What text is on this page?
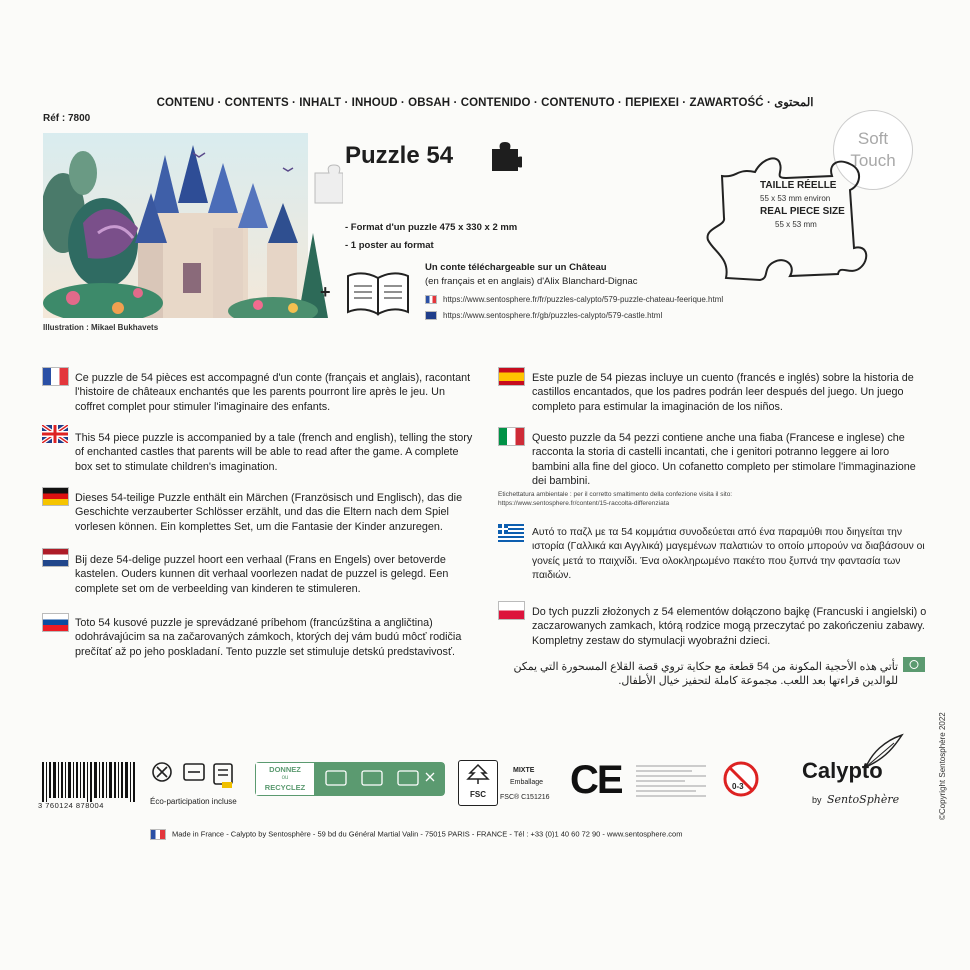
CONTENU · CONTENTS · INHALT · INHOUD · OBSAH · CONTENIDO · CONTENUTO · ΠΕΡΙΕΧΕΙ · ZAWARTOŚĆ · المحتوى
Réf : 7800
Illustration : Mikael Bukhavets
Puzzle 54
- Format d'un puzzle 475 x 330 x 2 mm
- 1 poster au format
+
Un conte téléchargeable sur un Château
(en français et en anglais) d'Alix Blanchard-Dignac
https://www.sentosphere.fr/fr/puzzles-calypto/579-puzzle-chateau-feerique.html
https://www.sentosphere.fr/gb/puzzles-calypto/579-castle.html
Soft
Touch
TAILLE RÉELLE
55 x 53 mm environ
REAL PIECE SIZE
55 x 53 mm
Ce puzzle de 54 pièces est accompagné d'un conte (français et anglais), racontant l'histoire de châteaux enchantés que les parents pourront lire après le jeu. Un coffret complet pour stimuler l'imaginaire des enfants.
This 54 piece puzzle is accompanied by a tale (french and english), telling the story of enchanted castles that parents will be able to read after the game. A complete box set to stimulate children's imagination.
Dieses 54-teilige Puzzle enthält ein Märchen (Französisch und Englisch), das die Geschichte verzauberter Schlösser erzählt, und das die Eltern nach dem Spiel vorlesen können. Ein komplettes Set, um die Fantasie der Kinder anzuregen.
Bij deze 54-delige puzzel hoort een verhaal (Frans en Engels) over betoverde kastelen. Ouders kunnen dit verhaal voorlezen nadat de puzzel is gelegd. Een complete set om de verbeelding van kinderen te stimuleren.
Toto 54 kusové puzzle je sprevádzané príbehom (francúzština a angličtina) odohrávajúcim sa na začarovaných zámkoch, ktorých dej vám budú môcť rodičia prečítať až po jeho poskladaní. Tento puzzle set stimuluje detskú predstavivosť.
Este puzle de 54 piezas incluye un cuento (francés e inglés) sobre la historia de castillos encantados, que los padres podrán leer después del juego. Un juego completo para estimular la imaginación de los niños.
Questo puzzle da 54 pezzi contiene anche una fiaba (Francese e inglese) che racconta la storia di castelli incantati, che i genitori potranno leggere ai loro bambini alla fine del gioco. Un cofanetto completo per stimolare l'immaginazione dei bambini.
Etichettatura ambientale : per il corretto smaltimento della confezione visita il sito:
https://www.sentosphere.fr/content/15-raccolta-differenziata
Αυτό το παζλ με τα 54 κομμάτια συνοδεύεται από ένα παραμύθι που διηγείται την ιστορία (Γαλλικά και Αγγλικά) μαγεμένων παλατιών το οποίο μπορούν να διαβάσουν οι γονείς μετά το παιχνίδι. Ένα ολοκληρωμένο πακέτο που ξυπνά την φαντασία των παιδιών.
Do tych puzzli złożonych z 54 elementów dołączono bajkę (Francuski i angielski) o zaczarowanych zamkach, którą rodzice mogą przeczytać po zakończeniu zabawy. Kompletny zestaw do stymulacji wyobraźni dzieci.
تأتي هذه الأحجية المكونة من 54 قطعة مع حكاية تروي قصة القلاع المسحورة التي يمكن للوالدين قراءتها بعد اللعب. مجموعة كاملة لتحفيز خيال الأطفال.
©Copyright Sentosphère 2022
3 760124 878004	Éco-participation incluse
DONNEZ
ou
RECYCLEZ
FSC
MIXTE
Emballage
FSC® C151216 CE	0-3
Calypto
by SentoSphère
Made in France - Calypto by Sentosphère - 59 bd du Général Martial Valin - 75015 PARIS - FRANCE - Tél : +33 (0)1 40 60 72 90 - www.sentosphere.com
